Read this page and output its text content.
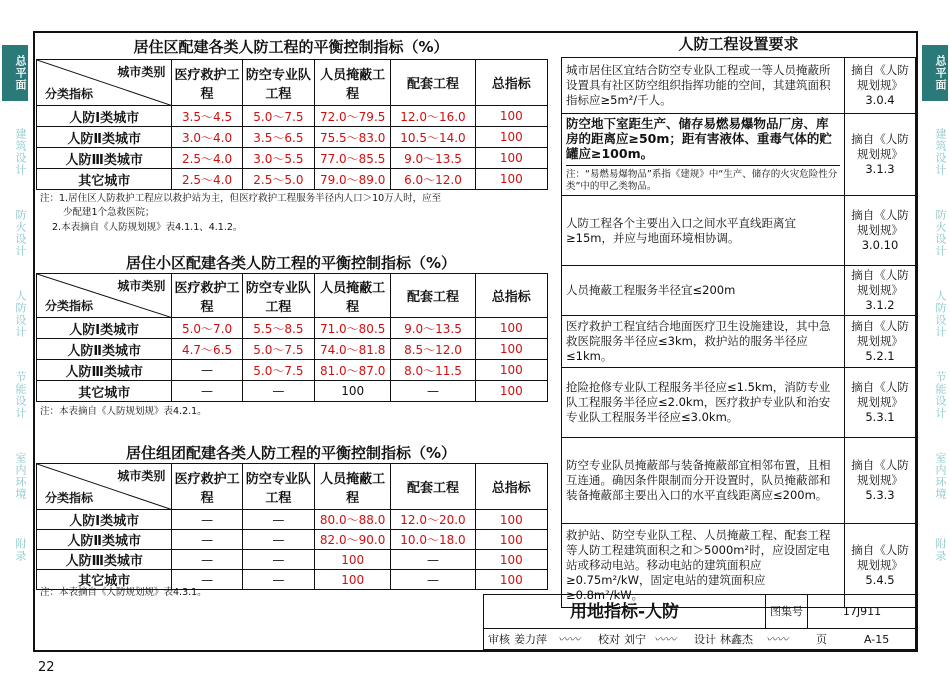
总平面
建筑设计
防火设计
人防设计
节能设计
室内环境
附录
总平面
建筑设计
防火设计
人防设计
节能设计
室内环境
附录
居住区配建各类人防工程的平衡控制指标（%）
城市类别
分类指标	医疗救护工程	防空专业队工程	人员掩蔽工程	配套工程	总指标
人防Ⅰ类城市	3.5～4.5	5.0～7.5	72.0～79.5	12.0～16.0	100
人防Ⅱ类城市	3.0～4.0	3.5～6.5	75.5～83.0	10.5～14.0	100
人防Ⅲ类城市	2.5～4.0	3.0～5.5	77.0～85.5	9.0～13.5	100
其它城市	2.5～4.0	2.5～5.0	79.0～89.0	6.0～12.0	100
注：1.居住区人防救护工程应以救护站为主，但医疗救护工程服务半径内人口＞10万人时，应至
少配建1个急救医院；
2.本表摘自《人防规划规》表4.1.1、4.1.2。
居住小区配建各类人防工程的平衡控制指标（%）
城市类别
分类指标	医疗救护工程	防空专业队工程	人员掩蔽工程	配套工程	总指标
人防Ⅰ类城市	5.0～7.0	5.5～8.5	71.0～80.5	9.0～13.5	100
人防Ⅱ类城市	4.7～6.5	5.0～7.5	74.0～81.8	8.5～12.0	100
人防Ⅲ类城市	—	5.0～7.5	81.0～87.0	8.0～11.5	100
其它城市	—	—	100	—	100
注：本表摘自《人防规划规》表4.2.1。
居住组团配建各类人防工程的平衡控制指标（%）
城市类别
分类指标	医疗救护工程	防空专业队工程	人员掩蔽工程	配套工程	总指标
人防Ⅰ类城市	—	—	80.0～88.0	12.0～20.0	100
人防Ⅱ类城市	—	—	82.0～90.0	10.0～18.0	100
人防Ⅲ类城市	—	—	100	—	100
其它城市	—	—	100	—	100
注：本表摘自《人防规划规》表4.3.1。
人防工程设置要求
城市居住区宜结合防空专业队工程或一等人员掩蔽所设置具有社区防空组织指挥功能的空间，其建筑面积指标应≥5m²/千人。	摘自《人防规划规》3.0.4

防空地下室距生产、储存易燃易爆物品厂房、库房的距离应≥50m；距有害液体、重毒气体的贮罐应≥100m。
注：“易燃易爆物品”系指《建规》中“生产、储存的火灾危险性分类”中的甲乙类物品。	摘自《人防规划规》3.1.3

人防工程各个主要出入口之间水平直线距离宜≥15m，并应与地面环境相协调。	摘自《人防规划规》3.0.10

人员掩蔽工程服务半径宜≤200m	摘自《人防规划规》3.1.2

医疗救护工程宜结合地面医疗卫生设施建设，其中急救医院服务半径应≤3km，救护站的服务半径应≤1km。	摘自《人防规划规》5.2.1

抢险抢修专业队工程服务半径应≤1.5km，消防专业队工程服务半径应≤2.0km，医疗救护专业队和治安专业队工程服务半径应≤3.0km。	摘自《人防规划规》5.3.1

防空专业队员掩蔽部与装备掩蔽部宜相邻布置，且相互连通。确因条件限制而分开设置时，队员掩蔽部和装备掩蔽部主要出入口的水平直线距离应≤200m。	摘自《人防规划规》5.3.3

救护站、防空专业队工程、人员掩蔽工程、配套工程等人防工程建筑面积之和＞5000m²时，应设固定电站或移动电站。移动电站的建筑面积应≥0.75m²/kW，固定电站的建筑面积应≥0.8m²/kW。	摘自《人防规划规》5.4.5
用地指标-人防	图集号	17J911
审核 姜力萍 〰〰 校对 刘宁 〰〰 设计 林鑫杰 〰〰	页	A-15
22
